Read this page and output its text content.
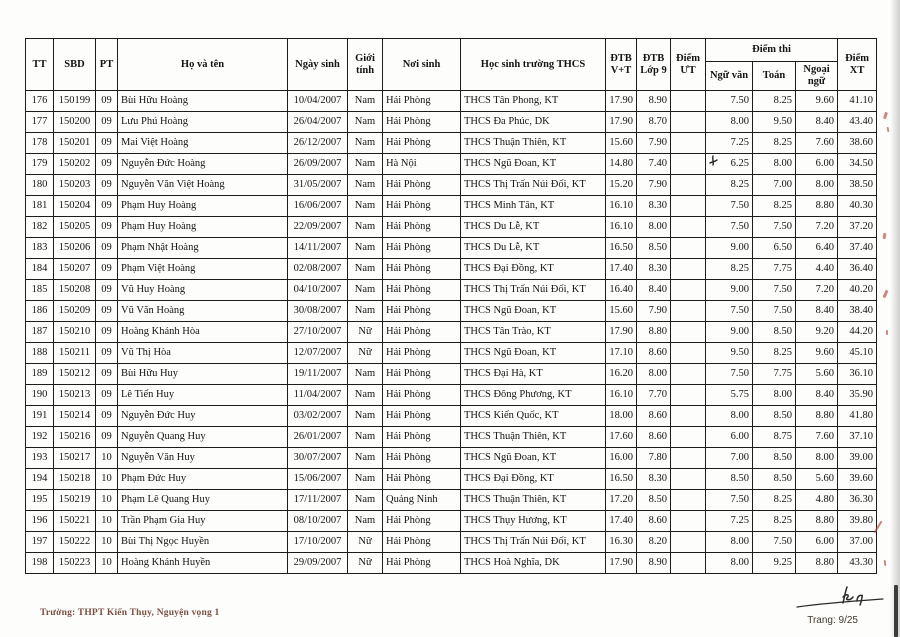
TT	SBD	PT	Họ và tên	Ngày sinh	Giới tính	Nơi sinh	Học sinh trường THCS	ĐTB V+T	ĐTB Lớp 9	Điểm ƯT	Điểm thi			Điểm XT
											Ngữ văn	Toán	Ngoại ngữ	
176	150199	09	Bùi Hữu Hoàng	10/04/2007	Nam	Hải Phòng	THCS Tân Phong, KT	17.90	8.90		7.50	8.25	9.60	41.10
177	150200	09	Lưu Phú Hoàng	26/04/2007	Nam	Hải Phòng	THCS Đa Phúc, DK	17.90	8.70		8.00	9.50	8.40	43.40
178	150201	09	Mai Việt Hoàng	26/12/2007	Nam	Hải Phòng	THCS Thuận Thiên, KT	15.60	7.90		7.25	8.25	7.60	38.60
179	150202	09	Nguyễn Đức Hoàng	26/09/2007	Nam	Hà Nội	THCS Ngũ Đoan, KT	14.80	7.40		6.25	8.00	6.00	34.50
180	150203	09	Nguyễn Văn Việt Hoàng	31/05/2007	Nam	Hải Phòng	THCS Thị Trấn Núi Đối, KT	15.20	7.90		8.25	7.00	8.00	38.50
181	150204	09	Phạm Huy Hoàng	16/06/2007	Nam	Hải Phòng	THCS Minh Tân, KT	16.10	8.30		7.50	8.25	8.80	40.30
182	150205	09	Phạm Huy Hoàng	22/09/2007	Nam	Hải Phòng	THCS Du Lễ, KT	16.10	8.00		7.50	7.50	7.20	37.20
183	150206	09	Phạm Nhật Hoàng	14/11/2007	Nam	Hải Phòng	THCS Du Lễ, KT	16.50	8.50		9.00	6.50	6.40	37.40
184	150207	09	Phạm Việt Hoàng	02/08/2007	Nam	Hải Phòng	THCS Đại Đồng, KT	17.40	8.30		8.25	7.75	4.40	36.40
185	150208	09	Vũ Huy Hoàng	04/10/2007	Nam	Hải Phòng	THCS Thị Trấn Núi Đối, KT	16.40	8.40		9.00	7.50	7.20	40.20
186	150209	09	Vũ Văn Hoàng	30/08/2007	Nam	Hải Phòng	THCS Ngũ Đoan, KT	15.60	7.90		7.50	7.50	8.40	38.40
187	150210	09	Hoàng Khánh Hòa	27/10/2007	Nữ	Hải Phòng	THCS Tân Trào, KT	17.90	8.80		9.00	8.50	9.20	44.20
188	150211	09	Vũ Thị Hòa	12/07/2007	Nữ	Hải Phòng	THCS Ngũ Đoan, KT	17.10	8.60		9.50	8.25	9.60	45.10
189	150212	09	Bùi Hữu Huy	19/11/2007	Nam	Hải Phòng	THCS Đại Hà, KT	16.20	8.00		7.50	7.75	5.60	36.10
190	150213	09	Lê Tiến Huy	11/04/2007	Nam	Hải Phòng	THCS Đông Phương, KT	16.10	7.70		5.75	8.00	8.40	35.90
191	150214	09	Nguyễn Đức Huy	03/02/2007	Nam	Hải Phòng	THCS Kiến Quốc, KT	18.00	8.60		8.00	8.50	8.80	41.80
192	150216	09	Nguyễn Quang Huy	26/01/2007	Nam	Hải Phòng	THCS Thuận Thiên, KT	17.60	8.60		6.00	8.75	7.60	37.10
193	150217	10	Nguyễn Văn Huy	30/07/2007	Nam	Hải Phòng	THCS Ngũ Đoan, KT	16.00	7.80		7.00	8.50	8.00	39.00
194	150218	10	Phạm Đức Huy	15/06/2007	Nam	Hải Phòng	THCS Đại Đồng, KT	16.50	8.30		8.50	8.50	5.60	39.60
195	150219	10	Phạm Lê Quang Huy	17/11/2007	Nam	Quảng Ninh	THCS Thuận Thiên, KT	17.20	8.50		7.50	8.25	4.80	36.30
196	150221	10	Trần Phạm Gia Huy	08/10/2007	Nam	Hải Phòng	THCS Thụy Hương, KT	17.40	8.60		7.25	8.25	8.80	39.80
197	150222	10	Bùi Thị Ngọc Huyền	17/10/2007	Nữ	Hải Phòng	THCS Thị Trấn Núi Đối, KT	16.30	8.20		8.00	7.50	6.00	37.00
198	150223	10	Hoàng Khánh Huyền	29/09/2007	Nữ	Hải Phòng	THCS Hoà Nghĩa, DK	17.90	8.90		8.00	9.25	8.80	43.30
Trường: THPT Kiến Thụy, Nguyện vọng 1
Trang: 9/25
